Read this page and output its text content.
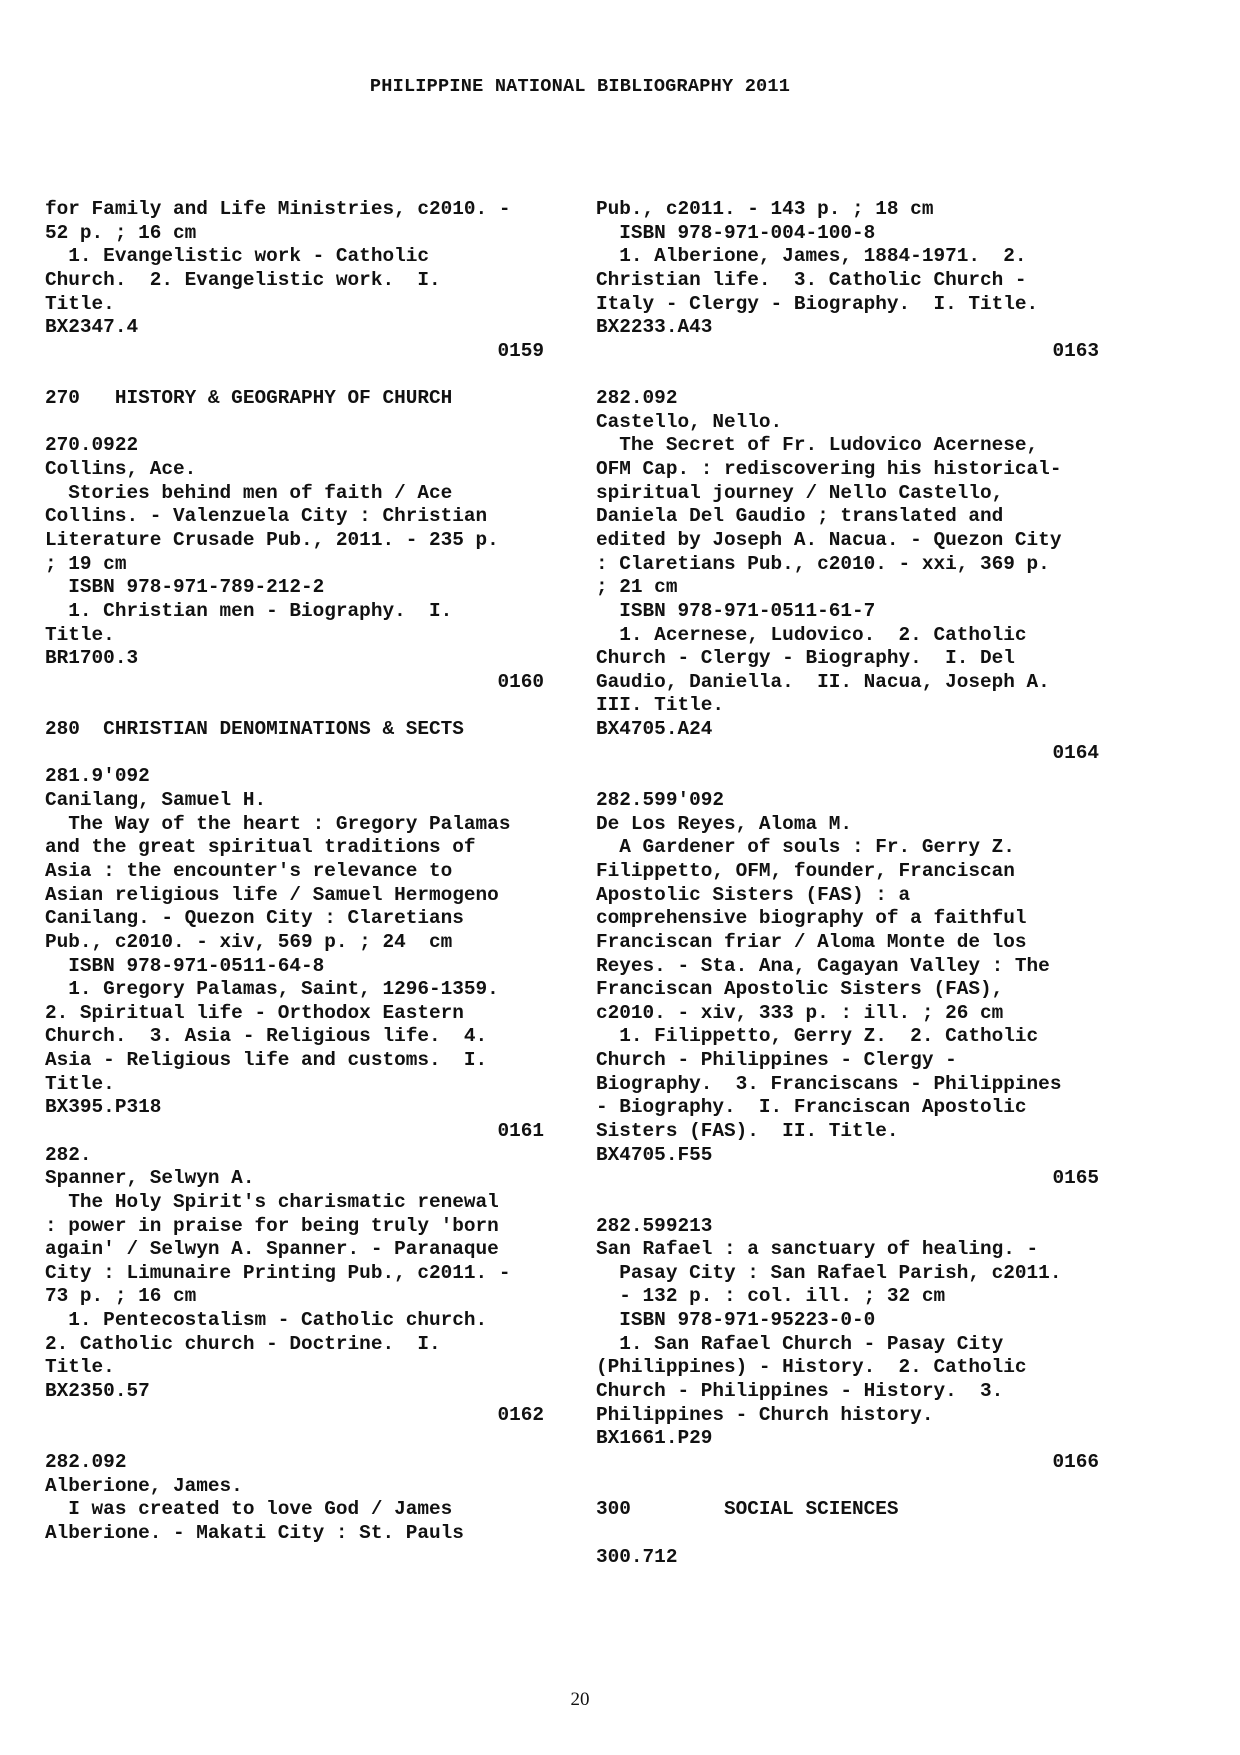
PHILIPPINE NATIONAL BIBLIOGRAPHY 2011
for Family and Life Ministries, c2010. -
52 p. ; 16 cm
1. Evangelistic work - Catholic
Church.  2. Evangelistic work.  I.
Title.
BX2347.4
0159
270   HISTORY & GEOGRAPHY OF CHURCH
270.0922
Collins, Ace.
Stories behind men of faith / Ace
Collins. - Valenzuela City : Christian
Literature Crusade Pub., 2011. - 235 p.
; 19 cm
ISBN 978-971-789-212-2
1. Christian men - Biography.  I.
Title.
BR1700.3
0160
280  CHRISTIAN DENOMINATIONS & SECTS
281.9'092
Canilang, Samuel H.
The Way of the heart : Gregory Palamas
and the great spiritual traditions of
Asia : the encounter's relevance to
Asian religious life / Samuel Hermogeno
Canilang. - Quezon City : Claretians
Pub., c2010. - xiv, 569 p. ; 24  cm
ISBN 978-971-0511-64-8
1. Gregory Palamas, Saint, 1296-1359.
2. Spiritual life - Orthodox Eastern
Church.  3. Asia - Religious life.  4.
Asia - Religious life and customs.  I.
Title.
BX395.P318
0161
282.
Spanner, Selwyn A.
The Holy Spirit's charismatic renewal
: power in praise for being truly 'born
again' / Selwyn A. Spanner. - Paranaque
City : Limunaire Printing Pub., c2011. -
73 p. ; 16 cm
1. Pentecostalism - Catholic church.
2. Catholic church - Doctrine.  I.
Title.
BX2350.57
0162
282.092
Alberione, James.
I was created to love God / James
Alberione. - Makati City : St. Pauls
Pub., c2011. - 143 p. ; 18 cm
ISBN 978-971-004-100-8
1. Alberione, James, 1884-1971.  2.
Christian life.  3. Catholic Church -
Italy - Clergy - Biography.  I. Title.
BX2233.A43
0163
282.092
Castello, Nello.
The Secret of Fr. Ludovico Acernese,
OFM Cap. : rediscovering his historical-
spiritual journey / Nello Castello,
Daniela Del Gaudio ; translated and
edited by Joseph A. Nacua. - Quezon City
: Claretians Pub., c2010. - xxi, 369 p.
; 21 cm
ISBN 978-971-0511-61-7
1. Acernese, Ludovico.  2. Catholic
Church - Clergy - Biography.  I. Del
Gaudio, Daniella.  II. Nacua, Joseph A.
III. Title.
BX4705.A24
0164
282.599'092
De Los Reyes, Aloma M.
A Gardener of souls : Fr. Gerry Z.
Filippetto, OFM, founder, Franciscan
Apostolic Sisters (FAS) : a
comprehensive biography of a faithful
Franciscan friar / Aloma Monte de los
Reyes. - Sta. Ana, Cagayan Valley : The
Franciscan Apostolic Sisters (FAS),
c2010. - xiv, 333 p. : ill. ; 26 cm
1. Filippetto, Gerry Z.  2. Catholic
Church - Philippines - Clergy -
Biography.  3. Franciscans - Philippines
- Biography.  I. Franciscan Apostolic
Sisters (FAS).  II. Title.
BX4705.F55
0165
282.599213
San Rafael : a sanctuary of healing. -
Pasay City : San Rafael Parish, c2011.
- 132 p. : col. ill. ; 32 cm
ISBN 978-971-95223-0-0
1. San Rafael Church - Pasay City
(Philippines) - History.  2. Catholic
Church - Philippines - History.  3.
Philippines - Church history.
BX1661.P29
0166
300        SOCIAL SCIENCES
300.712
20
